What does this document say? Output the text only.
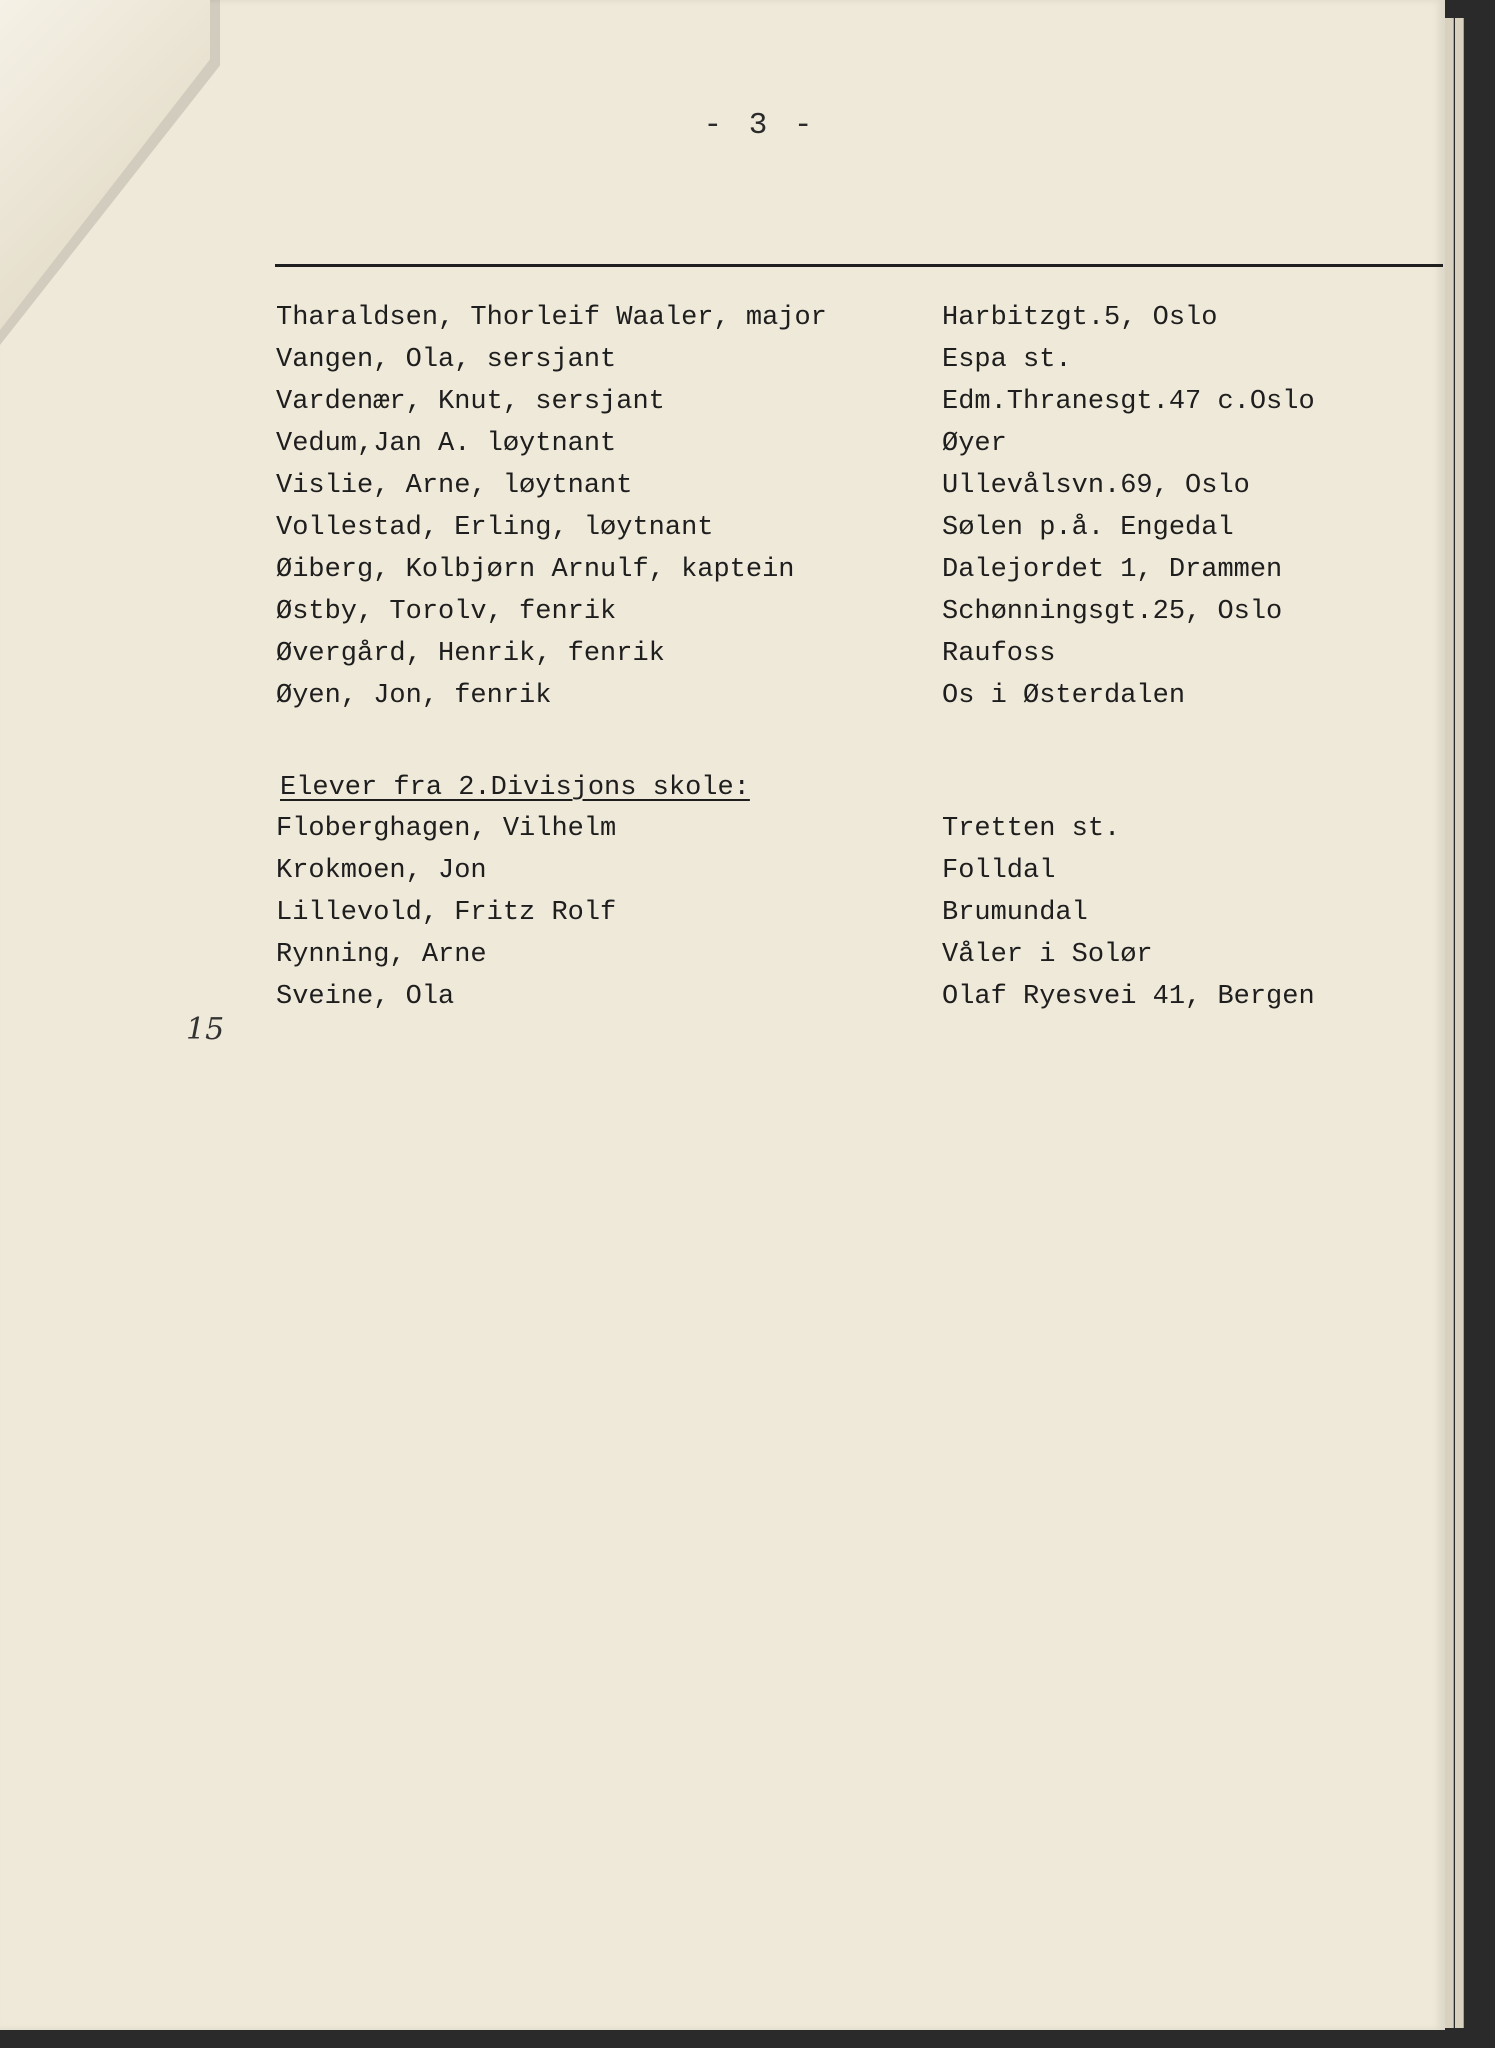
- 3 -
Tharaldsen, Thorleif Waaler, major	Harbitzgt.5, Oslo
Vangen, Ola, sersjant	Espa st.
Vardenær, Knut, sersjant	Edm.Thranesgt.47 c.Oslo
Vedum,Jan A. løytnant	Øyer
Vislie, Arne, løytnant	Ullevålsvn.69, Oslo
Vollestad, Erling, løytnant	Sølen p.å. Engedal
Øiberg, Kolbjørn Arnulf, kaptein	Dalejordet 1, Drammen
Østby, Torolv, fenrik	Schønningsgt.25, Oslo
Øvergård, Henrik, fenrik	Raufoss
Øyen, Jon, fenrik	Os i Østerdalen
Elever fra 2.Divisjons skole:
Floberghagen, Vilhelm	Tretten st.
Krokmoen, Jon	Folldal
Lillevold, Fritz Rolf	Brumundal
Rynning, Arne	Våler i Solør
Sveine, Ola	Olaf Ryesvei 41, Bergen
15
